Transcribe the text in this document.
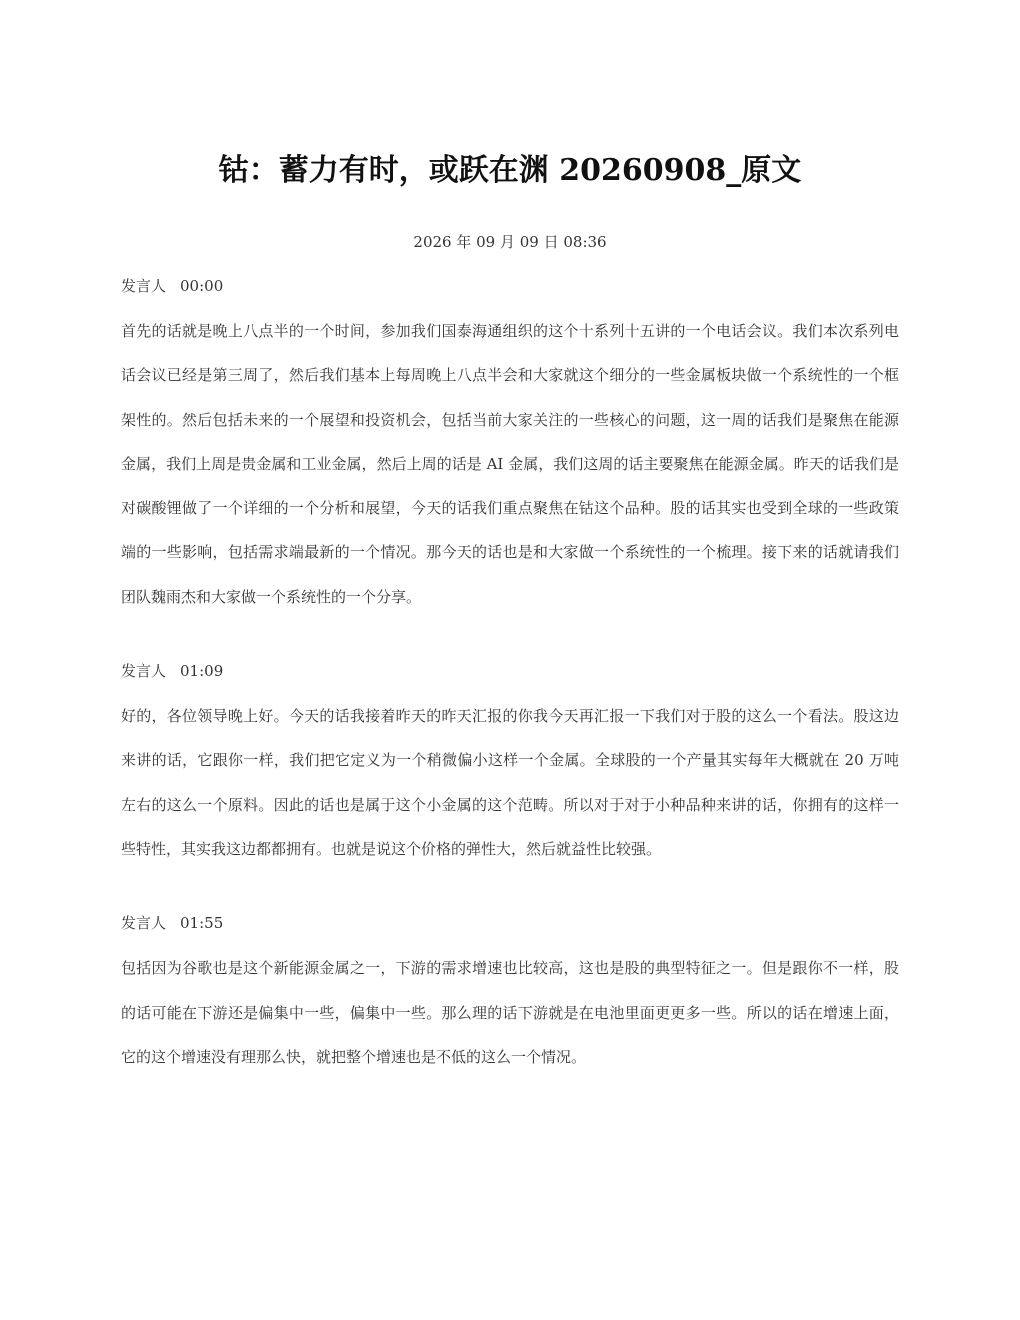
钴：蓄力有时，或跃在渊 20260908_原文
2026 年 09 月 09 日 08:36
发言人 00:00

首先的话就是晚上八点半的一个时间，参加我们国泰海通组织的这个十系列十五讲的一个电话会议。我们本次系列电话会议已经是第三周了，然后我们基本上每周晚上八点半会和大家就这个细分的一些金属板块做一个系统性的一个框架性的。然后包括未来的一个展望和投资机会，包括当前大家关注的一些核心的问题，这一周的话我们是聚焦在能源金属，我们上周是贵金属和工业金属，然后上周的话是 AI 金属，我们这周的话主要聚焦在能源金属。昨天的话我们是对碳酸锂做了一个详细的一个分析和展望，今天的话我们重点聚焦在钴这个品种。股的话其实也受到全球的一些政策端的一些影响，包括需求端最新的一个情况。那今天的话也是和大家做一个系统性的一个梳理。接下来的话就请我们团队魏雨杰和大家做一个系统性的一个分享。

发言人 01:09

好的，各位领导晚上好。今天的话我接着昨天的昨天汇报的你我今天再汇报一下我们对于股的这么一个看法。股这边来讲的话，它跟你一样，我们把它定义为一个稍微偏小这样一个金属。全球股的一个产量其实每年大概就在 20 万吨左右的这么一个原料。因此的话也是属于这个小金属的这个范畴。所以对于对于小种品种来讲的话，你拥有的这样一些特性，其实我这边都都拥有。也就是说这个价格的弹性大，然后就益性比较强。

发言人 01:55

包括因为谷歌也是这个新能源金属之一，下游的需求增速也比较高，这也是股的典型特征之一。但是跟你不一样，股的话可能在下游还是偏集中一些，偏集中一些。那么理的话下游就是在电池里面更更多一些。所以的话在增速上面，它的这个增速没有理那么快，就把整个增速也是不低的这么一个情况。
